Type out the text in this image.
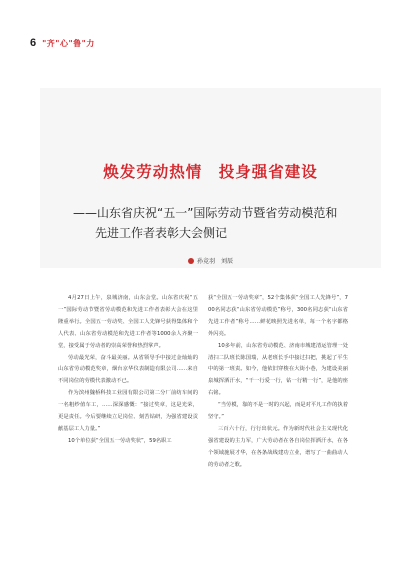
6 "齐"心"鲁"力
焕发劳动热情　投身强省建设
——山东省庆祝“五一”国际劳动节暨省劳动模范和
先进工作者表彰大会侧记
孙竞羽　刘辰

4月27日上午，泉城济南，山东会堂。山东省庆祝“五一”国际劳动节暨省劳动模范和先进工作者表彰大会在这里隆重举行。全国五一劳动奖、全国工人先锋号获得集体和个人代表、山东省劳动模范和先进工作者等1000余人齐聚一堂，接受属于劳动者的崇高荣誉和热烈掌声。

劳动最光荣，奋斗最美丽。从省领导手中接过金灿灿的山东省劳动模范奖章，烟台京华仪表制造有限公司……来自不同岗位的劳模代表激动不已。

作为滨州魏桥科技工业园有限公司第二分厂前纺车间的一名粗纱值车工，……深深感慨：“接过奖章，这是光荣，更是责任。今后要继续立足岗位、刻苦钻研，为强省建设贡献基层工人力量。”

10个单位获“全国五一劳动奖状”，59名职工

获“全国五一劳动奖章”，52个集体获“全国工人先锋号”，700名同志获“山东省劳动模范”称号，300名同志获“山东省先进工作者”称号……鲜花映照先进名单，每一个名字都格外闪亮。

10多年前，山东省劳动模范、济南市城建清运管理一处清扫二队班长陈国瑞，从老班长手中接过扫把，挑起了平生中的第一班责。如今，他依旧穿梭在大街小巷，为建设美丽泉城挥洒汗水，“干一行爱一行，钻一行精一行”，是他的座右铭。

“当劳模，靠的不是一时的兴起，而是对平凡工作的执着坚守。”

三百六十行，行行出状元。作为新时代社会主义现代化强省建设的主力军，广大劳动者在各自岗位挥洒汗水，在各个领域施展才华，在各条战线建功立业，谱写了一曲曲动人的劳动者之歌。
